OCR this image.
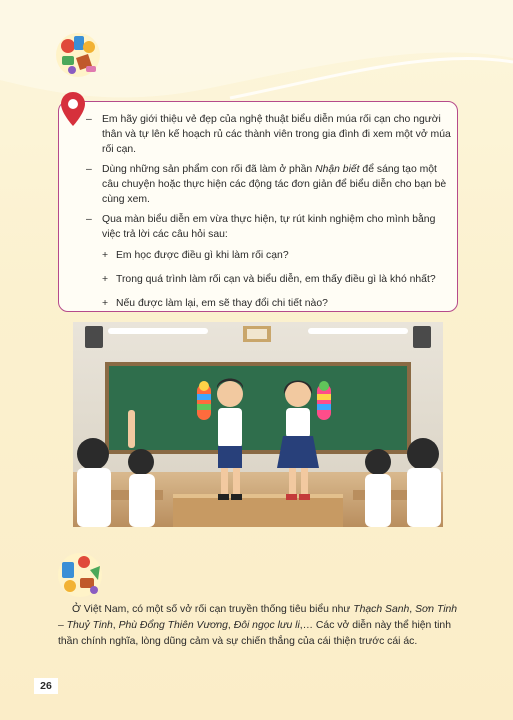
– Em hãy giới thiệu vẻ đẹp của nghệ thuật biểu diễn múa rối cạn cho người thân và tự lên kế hoạch rủ các thành viên trong gia đình đi xem một vở múa rối cạn.
– Dùng những sản phẩm con rối đã làm ở phần Nhận biết để sáng tạo một câu chuyện hoặc thực hiện các động tác đơn giản để biểu diễn cho bạn bè cùng xem.
– Qua màn biểu diễn em vừa thực hiện, tự rút kinh nghiệm cho mình bằng việc trả lời các câu hỏi sau:
+ Em học được điều gì khi làm rối cạn?
+ Trong quá trình làm rối cạn và biểu diễn, em thấy điều gì là khó nhất?
+ Nếu được làm lại, em sẽ thay đổi chi tiết nào?
Ở Việt Nam, có một số vở rối cạn truyền thống tiêu biểu như Thạch Sanh, Sơn Tinh – Thuỷ Tinh, Phù Đổng Thiên Vương, Đôi ngọc lưu li,… Các vở diễn này thể hiện tinh thần chính nghĩa, lòng dũng cảm và sự chiến thắng của cái thiện trước cái ác.
26
